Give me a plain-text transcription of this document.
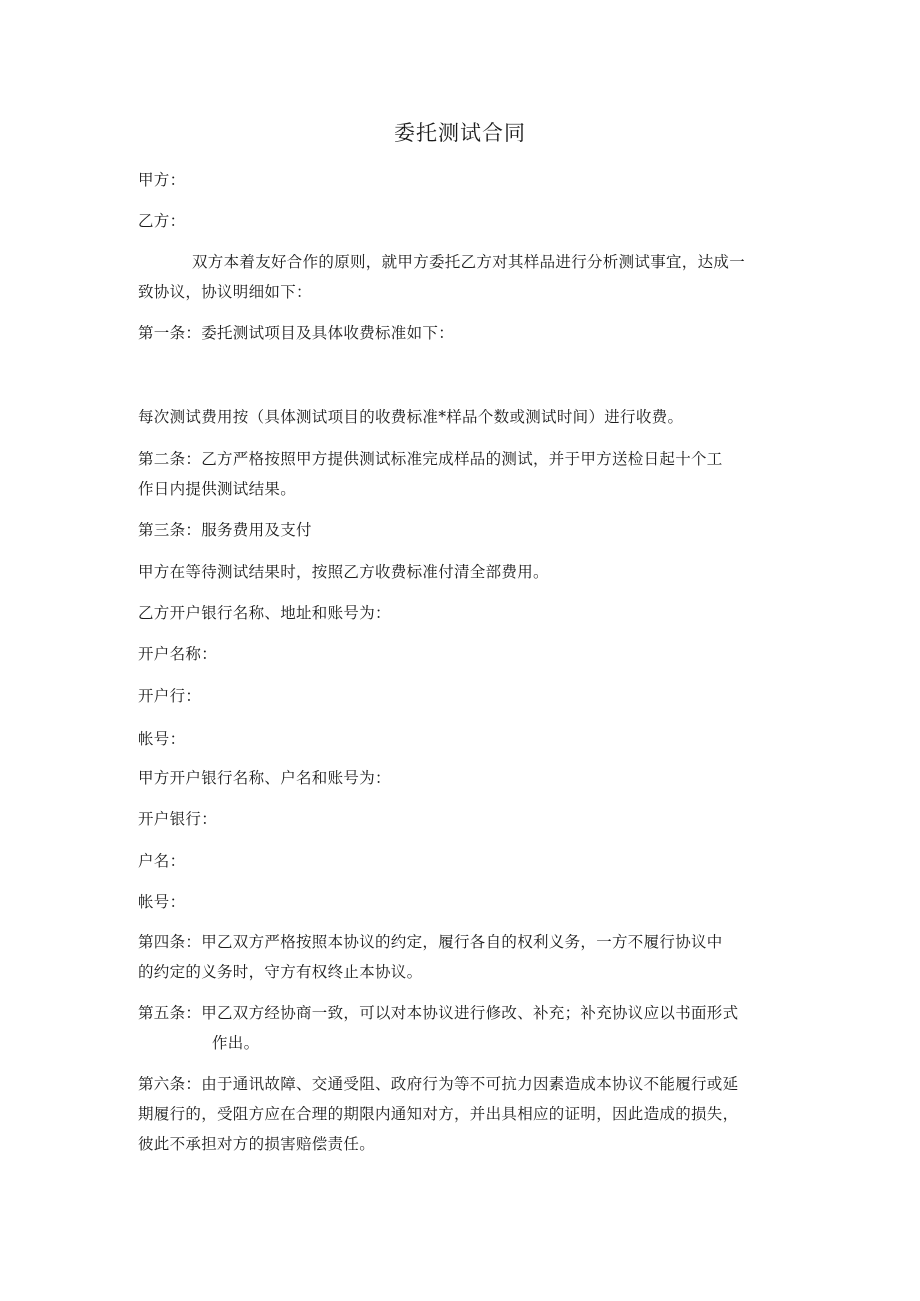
委托测试合同
甲方：
乙方：
双方本着友好合作的原则，就甲方委托乙方对其样品进行分析测试事宜，达成一
致协议，协议明细如下：
第一条：委托测试项目及具体收费标准如下：
每次测试费用按（具体测试项目的收费标准*样品个数或测试时间）进行收费。
第二条：乙方严格按照甲方提供测试标准完成样品的测试，并于甲方送检日起十个工
作日内提供测试结果。
第三条：服务费用及支付
甲方在等待测试结果时，按照乙方收费标准付清全部费用。
乙方开户银行名称、地址和账号为：
开户名称：
开户行：
帐号：
甲方开户银行名称、户名和账号为：
开户银行：
户名：
帐号：
第四条：甲乙双方严格按照本协议的约定，履行各自的权利义务，一方不履行协议中
的约定的义务时，守方有权终止本协议。
第五条：甲乙双方经协商一致，可以对本协议进行修改、补充；补充协议应以书面形式
作出。
第六条：由于通讯故障、交通受阻、政府行为等不可抗力因素造成本协议不能履行或延
期履行的，受阻方应在合理的期限内通知对方，并出具相应的证明，因此造成的损失，
彼此不承担对方的损害赔偿责任。
